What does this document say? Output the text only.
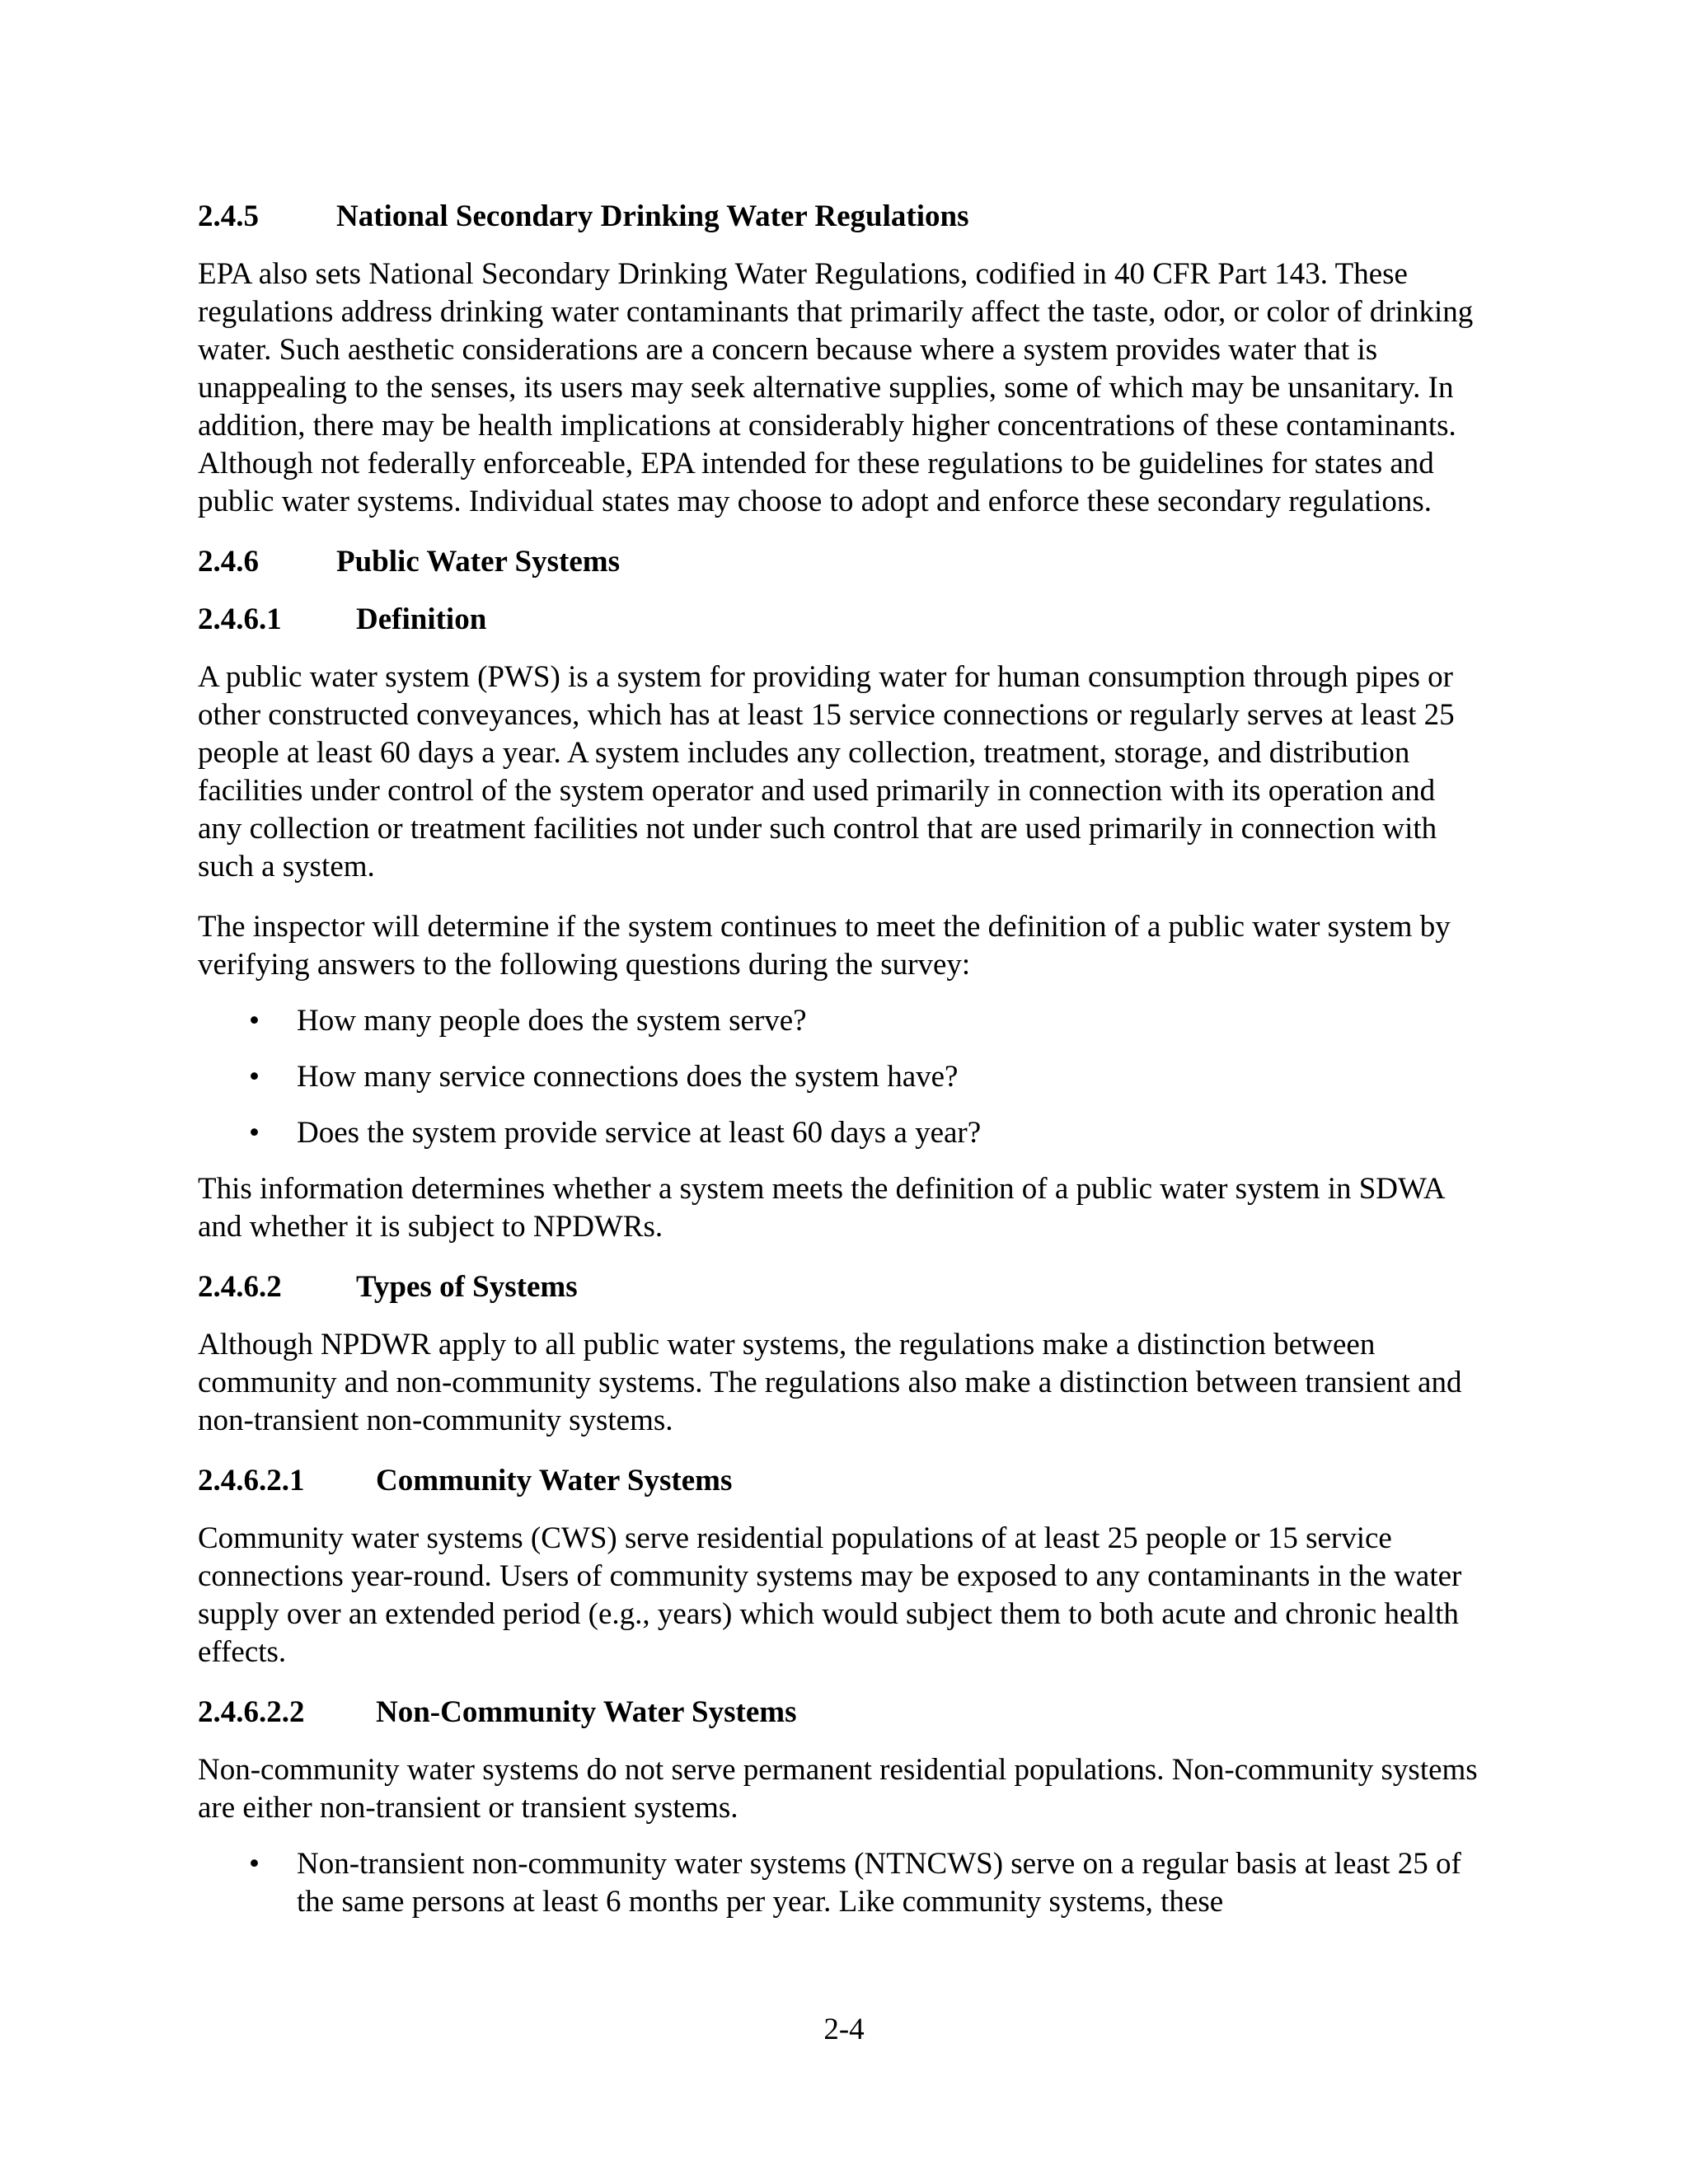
2.4.5	National Secondary Drinking Water Regulations

EPA also sets National Secondary Drinking Water Regulations, codified in 40 CFR Part 143. These regulations address drinking water contaminants that primarily affect the taste, odor, or color of drinking water. Such aesthetic considerations are a concern because where a system provides water that is unappealing to the senses, its users may seek alternative supplies, some of which may be unsanitary. In addition, there may be health implications at considerably higher concentrations of these contaminants. Although not federally enforceable, EPA intended for these regulations to be guidelines for states and public water systems. Individual states may choose to adopt and enforce these secondary regulations.

2.4.6	Public Water Systems
2.4.6.1 Definition

A public water system (PWS) is a system for providing water for human consumption through pipes or other constructed conveyances, which has at least 15 service connections or regularly serves at least 25 people at least 60 days a year. A system includes any collection, treatment, storage, and distribution facilities under control of the system operator and used primarily in connection with its operation and any collection or treatment facilities not under such control that are used primarily in connection with such a system.

The inspector will determine if the system continues to meet the definition of a public water system by verifying answers to the following questions during the survey:

• How many people does the system serve?
• How many service connections does the system have?
• Does the system provide service at least 60 days a year?

This information determines whether a system meets the definition of a public water system in SDWA and whether it is subject to NPDWRs.

2.4.6.2 Types of Systems

Although NPDWR apply to all public water systems, the regulations make a distinction between community and non-community systems. The regulations also make a distinction between transient and non-transient non-community systems.

2.4.6.2.1 Community Water Systems

Community water systems (CWS) serve residential populations of at least 25 people or 15 service connections year-round. Users of community systems may be exposed to any contaminants in the water supply over an extended period (e.g., years) which would subject them to both acute and chronic health effects.

2.4.6.2.2 Non-Community Water Systems

Non-community water systems do not serve permanent residential populations. Non-community systems are either non-transient or transient systems.

• Non-transient non-community water systems (NTNCWS) serve on a regular basis at least 25 of the same persons at least 6 months per year. Like community systems, these
2-4
